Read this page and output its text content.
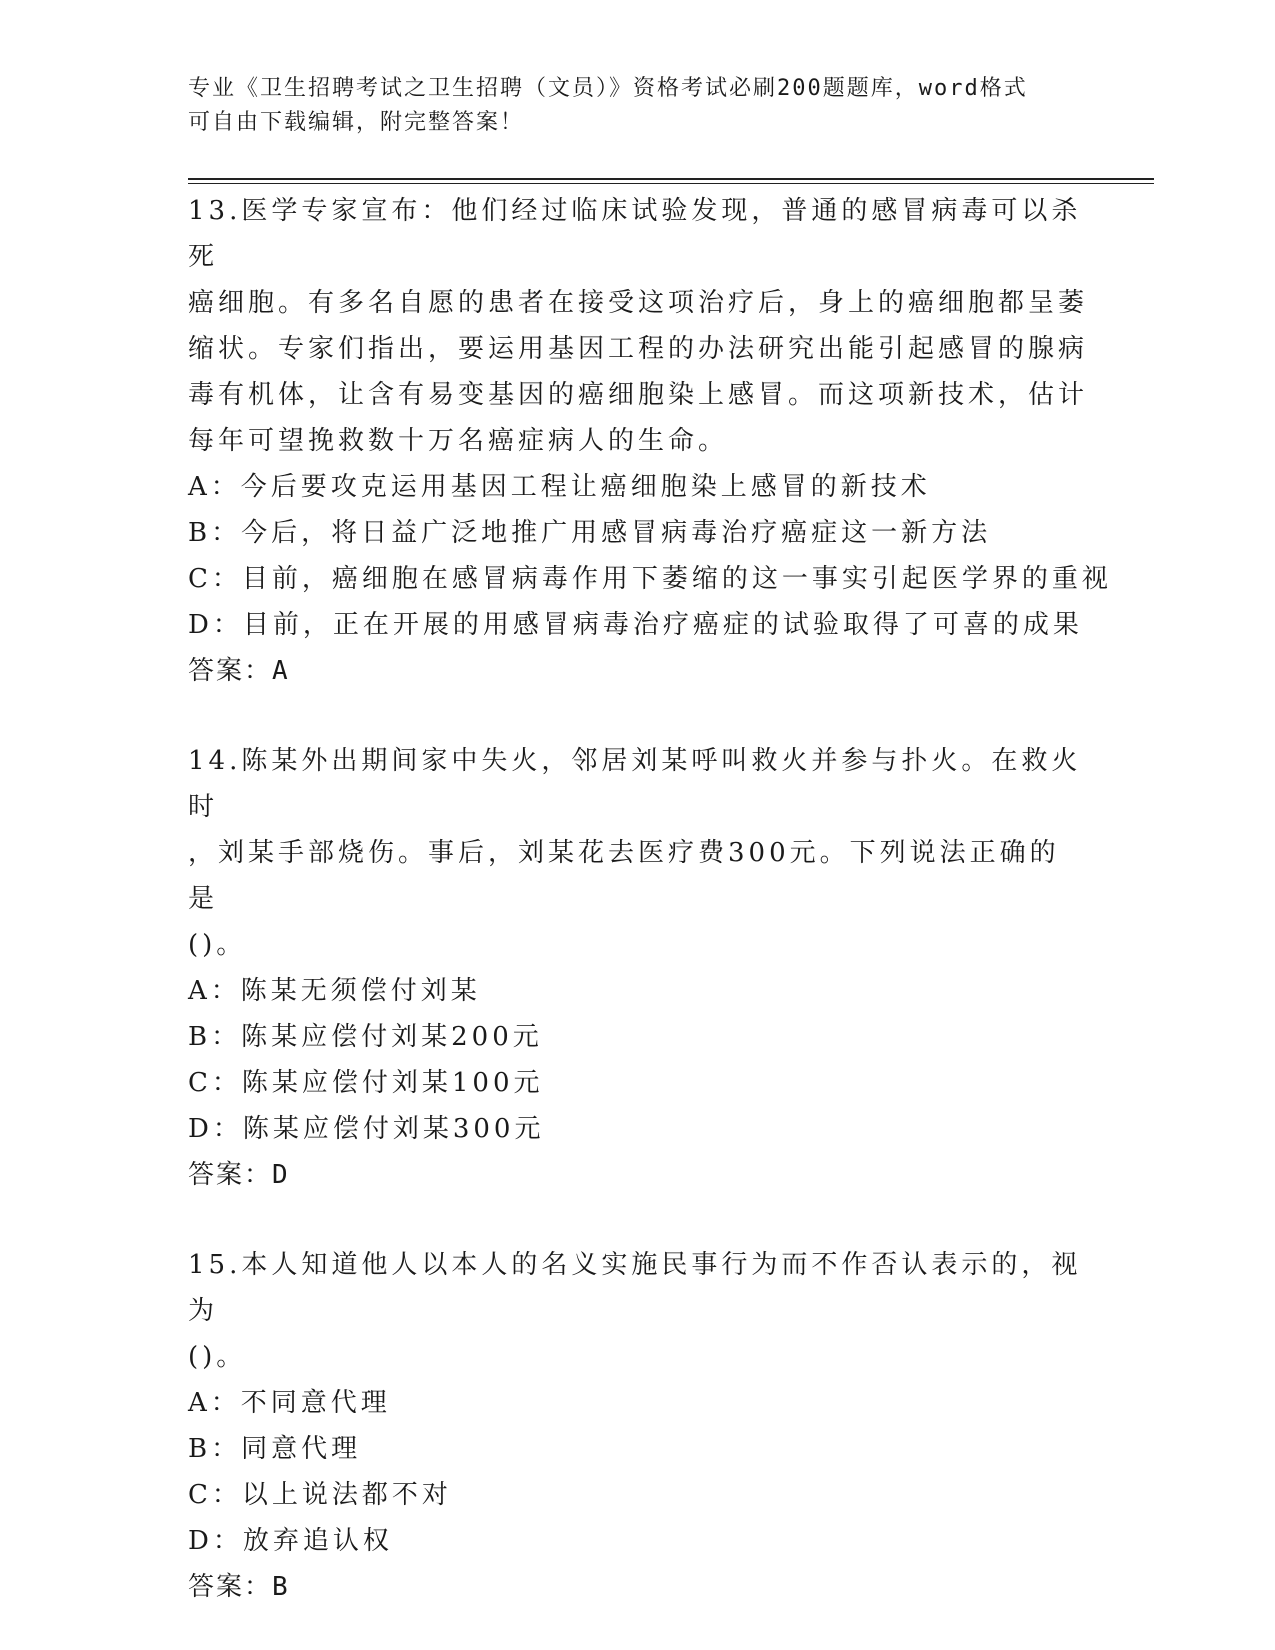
专业《卫生招聘考试之卫生招聘（文员）》资格考试必刷200题题库，word格式
可自由下载编辑，附完整答案！

13.医学专家宣布：他们经过临床试验发现，普通的感冒病毒可以杀死

癌细胞。有多名自愿的患者在接受这项治疗后，身上的癌细胞都呈萎

缩状。专家们指出，要运用基因工程的办法研究出能引起感冒的腺病

毒有机体，让含有易变基因的癌细胞染上感冒。而这项新技术，估计

每年可望挽救数十万名癌症病人的生命。

A：今后要攻克运用基因工程让癌细胞染上感冒的新技术

B：今后，将日益广泛地推广用感冒病毒治疗癌症这一新方法

C：目前，癌细胞在感冒病毒作用下萎缩的这一事实引起医学界的重视

D：目前，正在开展的用感冒病毒治疗癌症的试验取得了可喜的成果

答案：A

14.陈某外出期间家中失火，邻居刘某呼叫救火并参与扑火。在救火时

，刘某手部烧伤。事后，刘某花去医疗费300元。下列说法正确的是

()。

A：陈某无须偿付刘某

B：陈某应偿付刘某200元

C：陈某应偿付刘某100元

D：陈某应偿付刘某300元

答案：D

15.本人知道他人以本人的名义实施民事行为而不作否认表示的，视为

()。

A：不同意代理

B：同意代理

C：以上说法都不对

D：放弃追认权

答案：B
